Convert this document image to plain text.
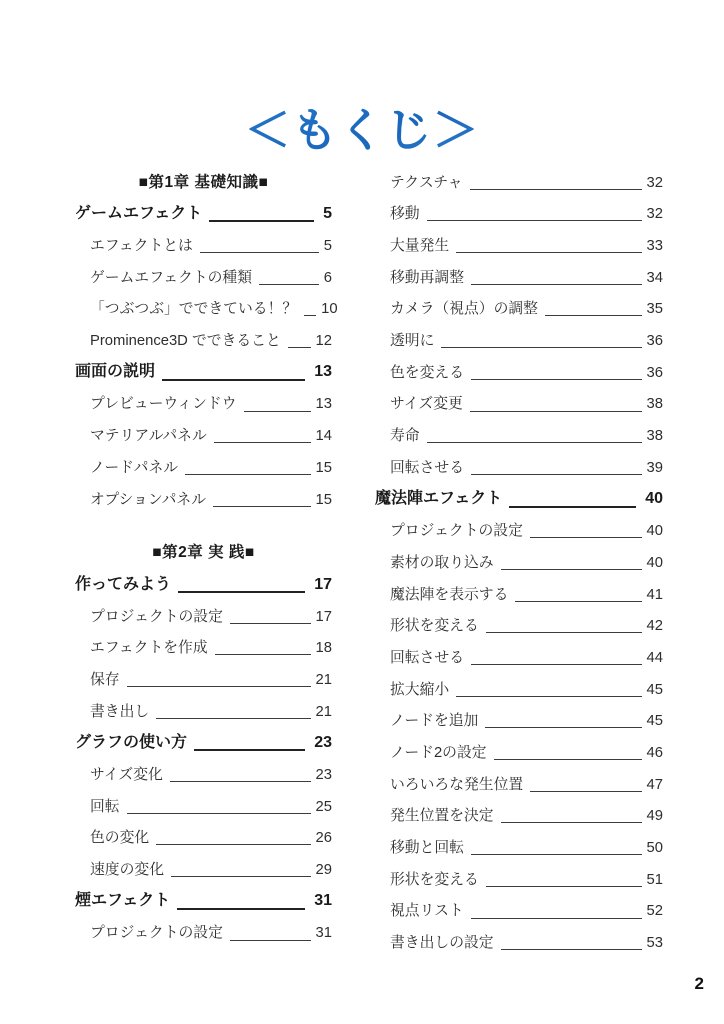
＜もくじ＞
■第1章 基礎知識■
ゲームエフェクト	5
エフェクトとは	5
ゲームエフェクトの種類	6
「つぶつぶ」でできている！？ 10
Prominence3D でできること 12
画面の説明	13
プレビューウィンドウ	13
マテリアルパネル	14
ノードパネル	15
オプションパネル	15
■第2章 実 践■
作ってみよう	17
プロジェクトの設定	17
エフェクトを作成	18
保存	21
書き出し	21
グラフの使い方	23
サイズ変化	23
回転	25
色の変化	26
速度の変化	29
煙エフェクト	31
プロジェクトの設定	31
テクスチャ	32
移動	32
大量発生	33
移動再調整	34
カメラ（視点）の調整	35
透明に	36
色を変える	36
サイズ変更	38
寿命	38
回転させる	39
魔法陣エフェクト	40
プロジェクトの設定	40
素材の取り込み	40
魔法陣を表示する	41
形状を変える	42
回転させる	44
拡大縮小	45
ノードを追加	45
ノード2の設定	46
いろいろな発生位置	47
発生位置を決定	49
移動と回転	50
形状を変える	51
視点リスト	52
書き出しの設定	53
2
